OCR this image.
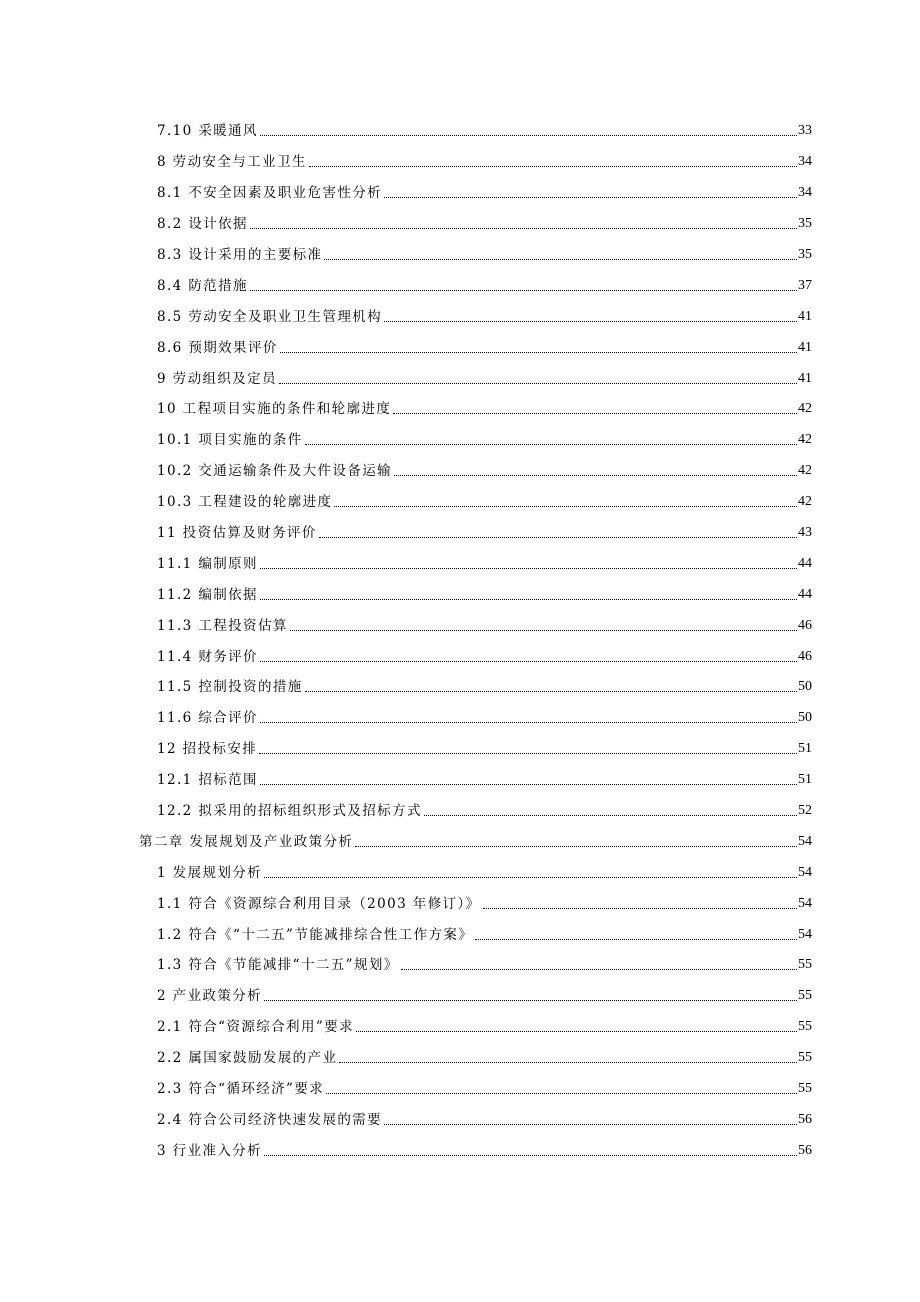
7.10 采暖通风	33
8 劳动安全与工业卫生	34
8.1 不安全因素及职业危害性分析	34
8.2 设计依据	35
8.3 设计采用的主要标准	35
8.4 防范措施	37
8.5 劳动安全及职业卫生管理机构	41
8.6 预期效果评价	41
9 劳动组织及定员	41
10 工程项目实施的条件和轮廓进度	42
10.1 项目实施的条件	42
10.2 交通运输条件及大件设备运输	42
10.3 工程建设的轮廓进度	42
11 投资估算及财务评价	43
11.1 编制原则	44
11.2 编制依据	44
11.3 工程投资估算	46
11.4 财务评价	46
11.5 控制投资的措施	50
11.6 综合评价	50
12 招投标安排	51
12.1 招标范围	51
12.2 拟采用的招标组织形式及招标方式	52
第二章 发展规划及产业政策分析	54
1 发展规划分析	54
1.1 符合《资源综合利用目录（2003 年修订）》	54
1.2 符合《“十二五”节能减排综合性工作方案》	54
1.3 符合《节能减排“十二五”规划》	55
2 产业政策分析	55
2.1 符合“资源综合利用”要求	55
2.2 属国家鼓励发展的产业	55
2.3 符合“循环经济”要求	55
2.4 符合公司经济快速发展的需要	56
3 行业准入分析	56
